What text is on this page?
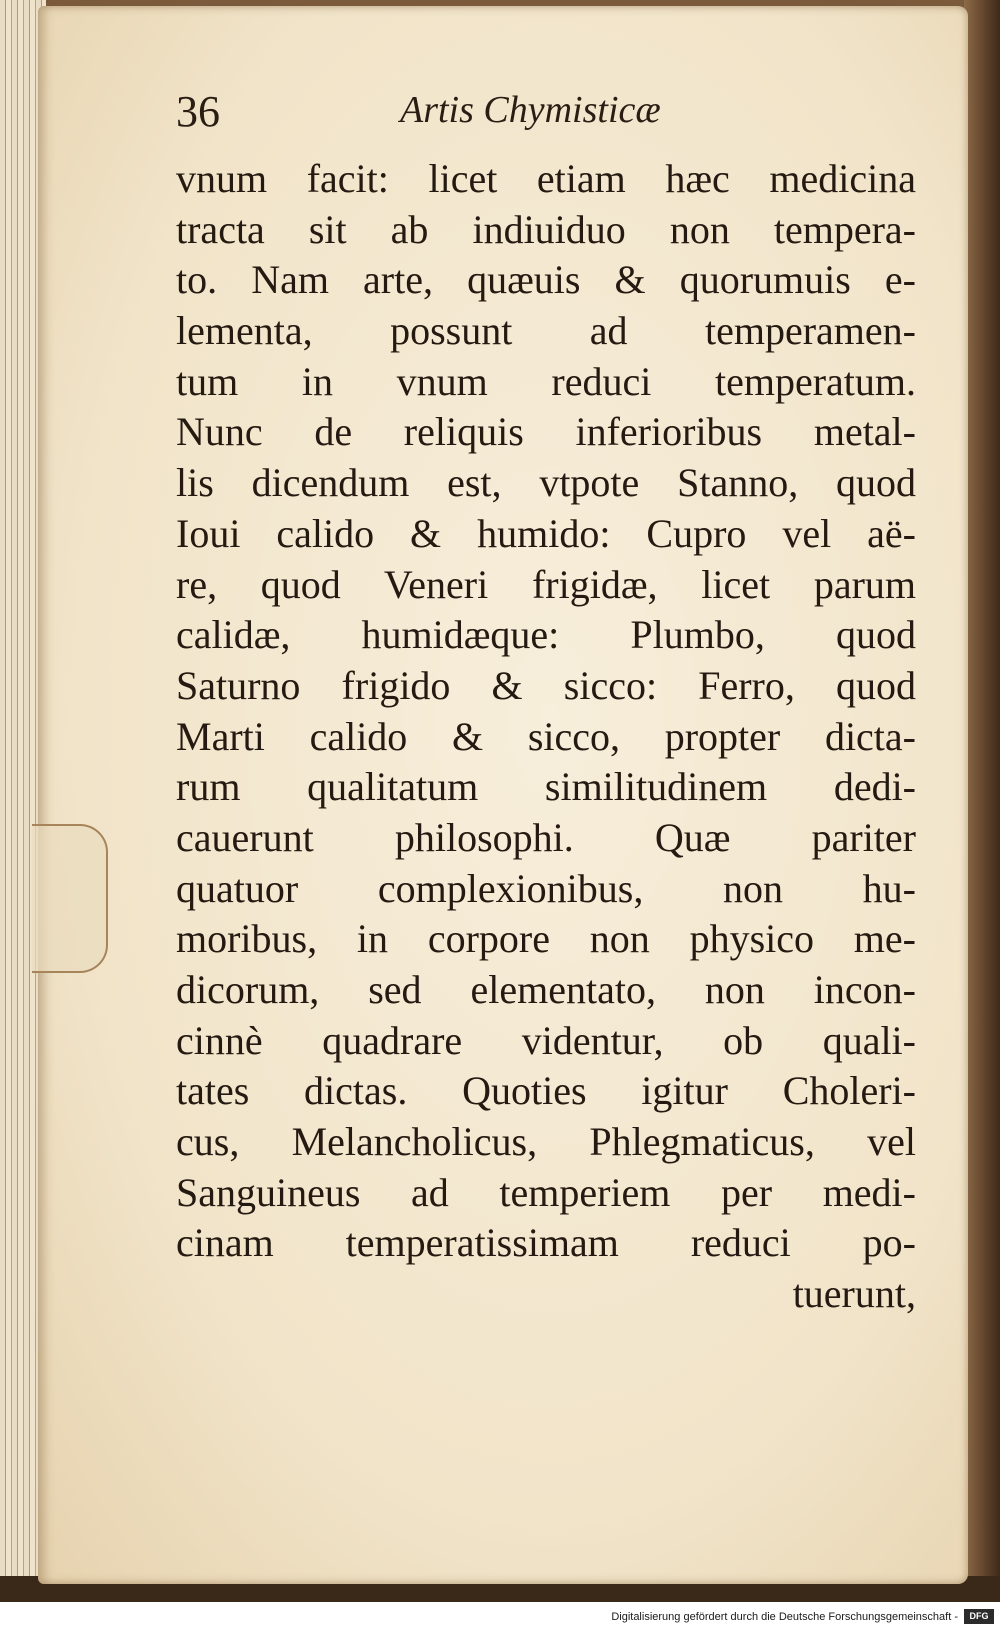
36	Artis Chymisticæ
vnum facit: licet etiam hæc medicina
tracta sit ab indiuiduo non tempera-
to. Nam arte, quæuis & quorumuis e-
lementa, possunt ad temperamen-
tum in vnum reduci temperatum.
Nunc de reliquis inferioribus metal-
lis dicendum est, vtpote Stanno, quod
Ioui calido & humido: Cupro vel aë-
re, quod Veneri frigidæ, licet parum
calidæ, humidæque: Plumbo, quod
Saturno frigido & sicco: Ferro, quod
Marti calido & sicco, propter dicta-
rum qualitatum similitudinem dedi-
cauerunt philosophi. Quæ pariter
quatuor complexionibus, non hu-
moribus, in corpore non physico me-
dicorum, sed elementato, non incon-
cinnè quadrare videntur, ob quali-
tates dictas. Quoties igitur Choleri-
cus, Melancholicus, Phlegmaticus, vel
Sanguineus ad temperiem per medi-
cinam temperatissimam reduci po-
tuerunt,
Digitalisierung gefördert durch die Deutsche Forschungsgemeinschaft -	DFG
